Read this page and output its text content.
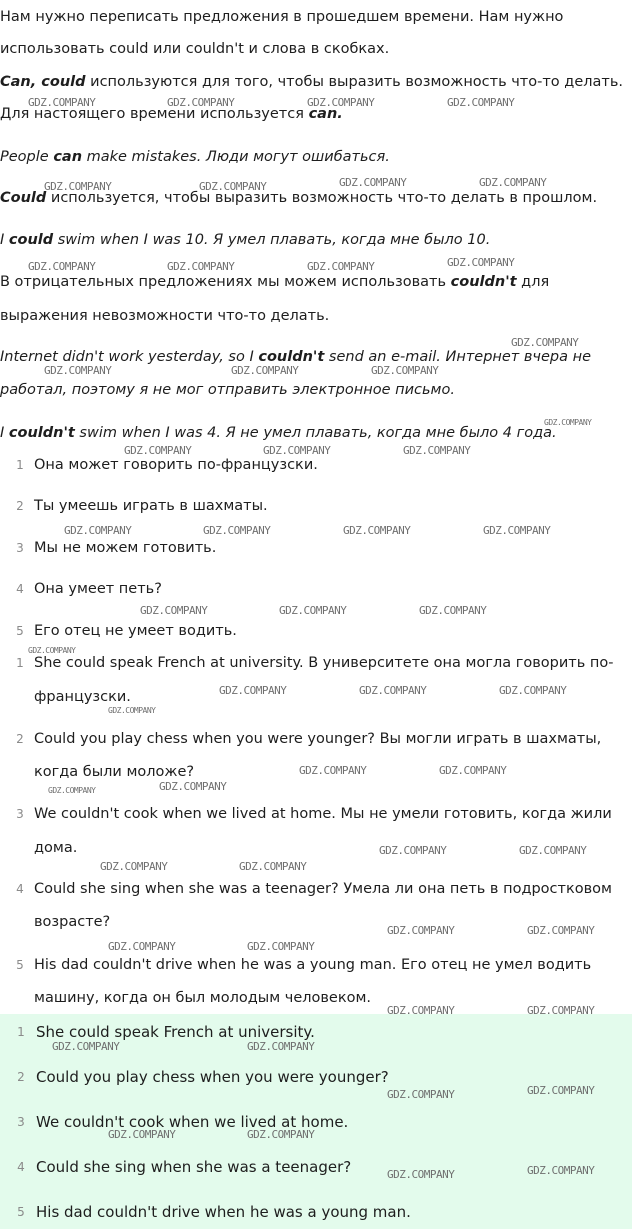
Нам нужно переписать предложения в прошедшем времени. Нам нужно
использовать could или couldn't и слова в скобках.
Can, could используются для того, чтобы выразить возможность что-то делать.
Для настоящего времени используется can.
People can make mistakes. Люди могут ошибаться.
Could используется, чтобы выразить возможность что-то делать в прошлом.
I could swim when I was 10. Я умел плавать, когда мне было 10.
В отрицательных предложениях мы можем использовать couldn't для
выражения невозможности что-то делать.
Internet didn't work yesterday, so I couldn't send an e-mail. Интернет вчера не
работал, поэтому я не мог отправить электронное письмо.
I couldn't swim when I was 4. Я не умел плавать, когда мне было 4 года.
1 Она может говорить по-французски.
2 Ты умеешь играть в шахматы.
3 Мы не можем готовить.
4 Она умеет петь?
5 Его отец не умеет водить.
1 She could speak French at university. В университете она могла говорить по-
французски.
2 Could you play chess when you were younger? Вы могли играть в шахматы,
когда были моложе?
3 We couldn't cook when we lived at home. Мы не умели готовить, когда жили
дома.
4 Could she sing when she was a teenager? Умела ли она петь в подростковом
возрасте?
5 His dad couldn't drive when he was a young man. Его отец не умел водить
машину, когда он был молодым человеком.
1 She could speak French at university.
2 Could you play chess when you were younger?
3 We couldn't cook when we lived at home.
4 Could she sing when she was a teenager?
5 His dad couldn't drive when he was a young man.
GDZ.COMPANY	GDZ.COMPANY	GDZ.COMPANY	GDZ.COMPANY
GDZ.COMPANY	GDZ.COMPANY	GDZ.COMPANY	GDZ.COMPANY
GDZ.COMPANY	GDZ.COMPANY	GDZ.COMPANY	GDZ.COMPANY
GDZ.COMPANY
GDZ.COMPANY	GDZ.COMPANY	GDZ.COMPANY
GDZ.COMPANY
GDZ.COMPANY	GDZ.COMPANY	GDZ.COMPANY
GDZ.COMPANY	GDZ.COMPANY	GDZ.COMPANY	GDZ.COMPANY
GDZ.COMPANY	GDZ.COMPANY	GDZ.COMPANY
GDZ.COMPANY
GDZ.COMPANY	GDZ.COMPANY	GDZ.COMPANY
GDZ.COMPANY
GDZ.COMPANY	GDZ.COMPANY
GDZ.COMPANY	GDZ.COMPANY
GDZ.COMPANY	GDZ.COMPANY
GDZ.COMPANY	GDZ.COMPANY
GDZ.COMPANY	GDZ.COMPANY
GDZ.COMPANY	GDZ.COMPANY
GDZ.COMPANY	GDZ.COMPANY
GDZ.COMPANY	GDZ.COMPANY
GDZ.COMPANY	GDZ.COMPANY
GDZ.COMPANY	GDZ.COMPANY
GDZ.COMPANY	GDZ.COMPANY
